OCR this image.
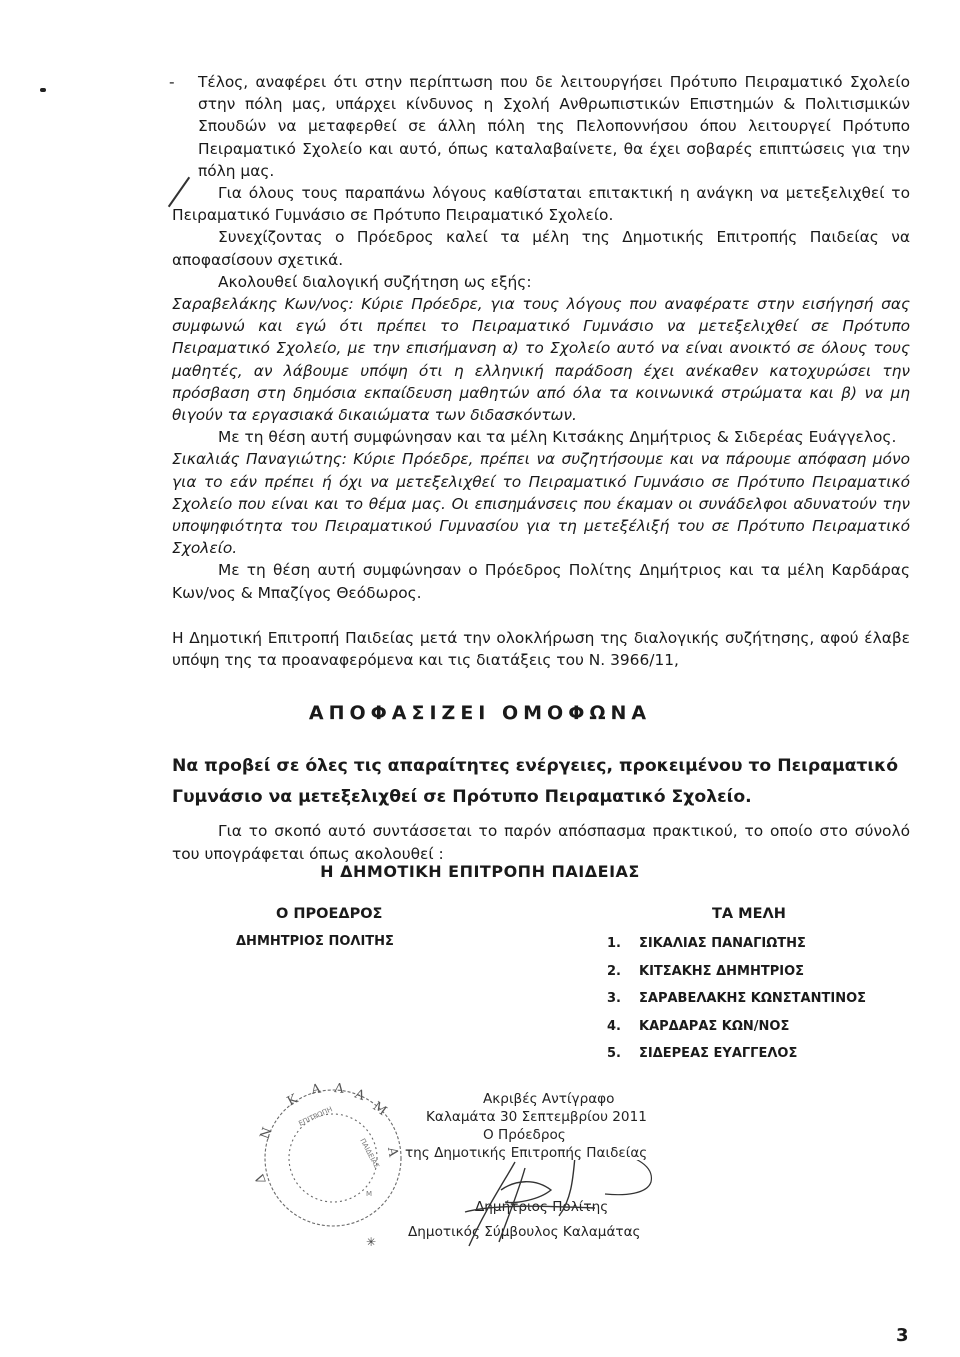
- Τέλος, αναφέρει ότι στην περίπτωση που δε λειτουργήσει Πρότυπο Πειραματικό Σχολείο στην πόλη μας, υπάρχει κίνδυνος η Σχολή Ανθρωπιστικών Επιστημών & Πολιτισμικών Σπουδών να μεταφερθεί σε άλλη πόλη της Πελοποννήσου όπου λειτουργεί Πρότυπο Πειραματικό Σχολείο και αυτό, όπως καταλαβαίνετε, θα έχει σοβαρές επιπτώσεις για την πόλη μας.

Για όλους τους παραπάνω λόγους καθίσταται επιτακτική η ανάγκη να μετεξελιχθεί το Πειραματικό Γυμνάσιο σε Πρότυπο Πειραματικό Σχολείο.

Συνεχίζοντας ο Πρόεδρος καλεί τα μέλη της Δημοτικής Επιτροπής Παιδείας να αποφασίσουν σχετικά.

Ακολουθεί διαλογική συζήτηση ως εξής:

Σαραβελάκης Κων/νος: Κύριε Πρόεδρε, για τους λόγους που αναφέρατε στην εισήγησή σας συμφωνώ και εγώ ότι πρέπει το Πειραματικό Γυμνάσιο να μετεξελιχθεί σε Πρότυπο Πειραματικό Σχολείο, με την επισήμανση α) το Σχολείο αυτό να είναι ανοικτό σε όλους τους μαθητές, αν λάβουμε υπόψη ότι η ελληνική παράδοση έχει ανέκαθεν κατοχυρώσει την πρόσβαση στη δημόσια εκπαίδευση μαθητών από όλα τα κοινωνικά στρώματα και β) να μη θιγούν τα εργασιακά δικαιώματα των διδασκόντων.

Με τη θέση αυτή συμφώνησαν και τα μέλη Κιτσάκης Δημήτριος & Σιδερέας Ευάγγελος.

Σικαλιάς Παναγιώτης: Κύριε Πρόεδρε, πρέπει να συζητήσουμε και να πάρουμε απόφαση μόνο για το εάν πρέπει ή όχι να μετεξελιχθεί το Πειραματικό Γυμνάσιο σε Πρότυπο Πειραματικό Σχολείο που είναι και το θέμα μας. Οι επισημάνσεις που έκαμαν οι συνάδελφοι αδυνατούν την υποψηφιότητα του Πειραματικού Γυμνασίου για τη μετεξέλιξή του σε Πρότυπο Πειραματικό Σχολείο.

Με τη θέση αυτή συμφώνησαν ο Πρόεδρος Πολίτης Δημήτριος και τα μέλη Καρδάρας Κων/νος & Μπαζίγος Θεόδωρος.

Η Δημοτική Επιτροπή Παιδείας μετά την ολοκλήρωση της διαλογικής συζήτησης, αφού έλαβε υπόψη της τα προαναφερόμενα και τις διατάξεις του Ν. 3966/11,

ΑΠΟΦΑΣΙΖΕΙ ΟΜΟΦΩΝΑ
Να προβεί σε όλες τις απαραίτητες ενέργειες, προκειμένου το Πειραματικό Γυμνάσιο να μετεξελιχθεί σε Πρότυπο Πειραματικό Σχολείο.
Για το σκοπό αυτό συντάσσεται το παρόν απόσπασμα πρακτικού, το οποίο στο σύνολό του υπογράφεται όπως ακολουθεί :
Η ΔΗΜΟΤΙΚΗ ΕΠΙΤΡΟΠΗ ΠΑΙΔΕΙΑΣ
Ο ΠΡΟΕΔΡΟΣ
ΔΗΜΗΤΡΙΟΣ ΠΟΛΙΤΗΣ
ΤΑ ΜΕΛΗ
1. ΣΙΚΑΛΙΑΣ ΠΑΝΑΓΙΩΤΗΣ
2. ΚΙΤΣΑΚΗΣ ΔΗΜΗΤΡΙΟΣ
3. ΣΑΡΑΒΕΛΑΚΗΣ ΚΩΝΣΤΑΝΤΙΝΟΣ
4. ΚΑΡΔΑΡΑΣ ΚΩΝ/ΝΟΣ
5. ΣΙΔΕΡΕΑΣ ΕΥΑΓΓΕΛΟΣ
Κ
Α Λ Α
Μ
Ν
Δ
Α
ΕΠΙΤΡΟΠΗ
ΠΑΙΔΕΙΑΣ
Μ
✳
Ακριβές Αντίγραφο
Καλαμάτα 30 Σεπτεμβρίου 2011
Ο Πρόεδρος
της Δημοτικής Επιτροπής Παιδείας
Δημήτριος Πολίτης
Δημοτικός Σύμβουλος Καλαμάτας
3
